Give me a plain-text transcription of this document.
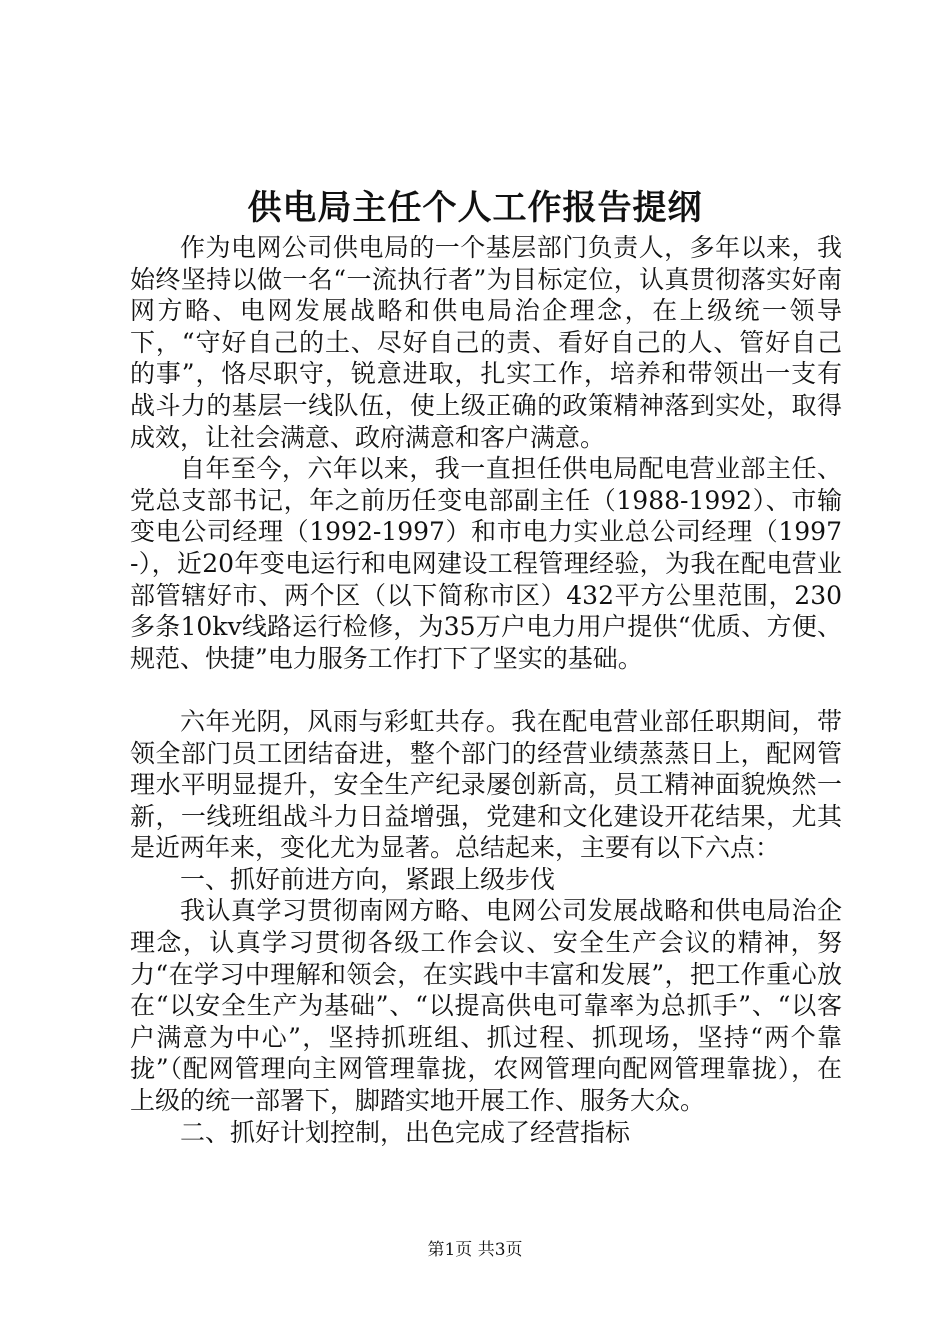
供电局主任个人工作报告提纲

作为电网公司供电局的一个基层部门负责人，多年以来，我始终坚持以做一名“一流执行者”为目标定位，认真贯彻落实好南网方略、电网发展战略和供电局治企理念，在上级统一领导下，“守好自己的土、尽好自己的责、看好自己的人、管好自己的事”，恪尽职守，锐意进取，扎实工作，培养和带领出一支有战斗力的基层一线队伍，使上级正确的政策精神落到实处，取得成效，让社会满意、政府满意和客户满意。

自年至今，六年以来，我一直担任供电局配电营业部主任、党总支部书记，年之前历任变电部副主任（1988-1992）、市输变电公司经理（1992-1997）和市电力实业总公司经理（1997-），近20年变电运行和电网建设工程管理经验，为我在配电营业部管辖好市、两个区（以下简称市区）432平方公里范围，230多条10kv线路运行检修，为35万户电力用户提供“优质、方便、规范、快捷”电力服务工作打下了坚实的基础。

六年光阴，风雨与彩虹共存。我在配电营业部任职期间，带领全部门员工团结奋进，整个部门的经营业绩蒸蒸日上，配网管理水平明显提升，安全生产纪录屡创新高，员工精神面貌焕然一新，一线班组战斗力日益增强，党建和文化建设开花结果，尤其是近两年来，变化尤为显著。总结起来，主要有以下六点：

一、抓好前进方向，紧跟上级步伐

我认真学习贯彻南网方略、电网公司发展战略和供电局治企理念，认真学习贯彻各级工作会议、安全生产会议的精神，努力“在学习中理解和领会，在实践中丰富和发展”，把工作重心放在“以安全生产为基础”、“以提高供电可靠率为总抓手”、“以客户满意为中心”，坚持抓班组、抓过程、抓现场，坚持“两个靠拢”（配网管理向主网管理靠拢，农网管理向配网管理靠拢），在上级的统一部署下，脚踏实地开展工作、服务大众。

二、抓好计划控制，出色完成了经营指标

第1页 共3页
